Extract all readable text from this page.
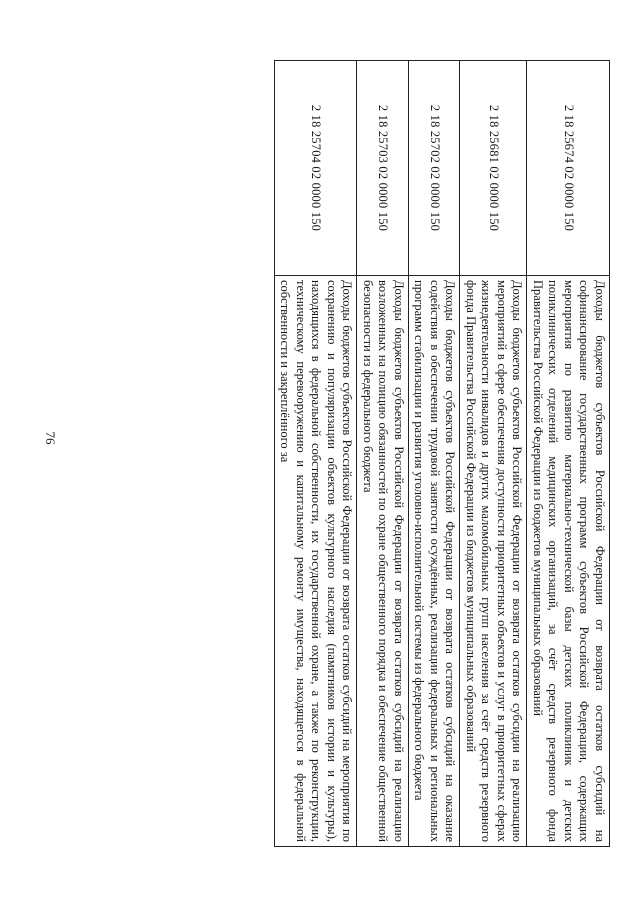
76
2 18 25674 02 0000 150	Доходы бюджетов субъектов Российской Федерации от возврата остатков субсидий на софинансирование государственных программ субъектов Российской Федерации, содержащих мероприятия по развитию материально-технической базы детских поликлиник и детских поликлинических отделений медицинских организаций, за счёт средств резервного фонда Правительства Российской Федерации из бюджетов муниципальных образований
2 18 25681 02 0000 150	Доходы бюджетов субъектов Российской Федерации от возврата остатков субсидии на реализацию мероприятий в сфере обеспечения доступности приоритетных объектов и услуг в приоритетных сферах жизнедеятельности инвалидов и других маломобильных групп населения за счёт средств резервного фонда Правительства Российской Федерации из бюджетов муниципальных образований
2 18 25702 02 0000 150	Доходы бюджетов субъектов Российской Федерации от возврата остатков субсидий на оказание содействия в обеспечении трудовой занятости осуждённых, реализации федеральных и региональных программ стабилизации и развития уголовно-исполнительной системы из федерального бюджета
2 18 25703 02 0000 150	Доходы бюджетов субъектов Российской Федерации от возврата остатков субсидий на реализацию возложенных на полицию обязанностей по охране общественного порядка и обеспечение общественной безопасности из федерального бюджета
2 18 25704 02 0000 150	Доходы бюджетов субъектов Российской Федерации от возврата остатков субсидий на мероприятия по сохранению и популяризации объектов культурного наследия (памятников истории и культуры), находящихся в федеральной собственности, их государственной охране, а также по реконструкции, техническому перевооружению и капитальному ремонту имущества, находящегося в федеральной собственности и закреплённого за
